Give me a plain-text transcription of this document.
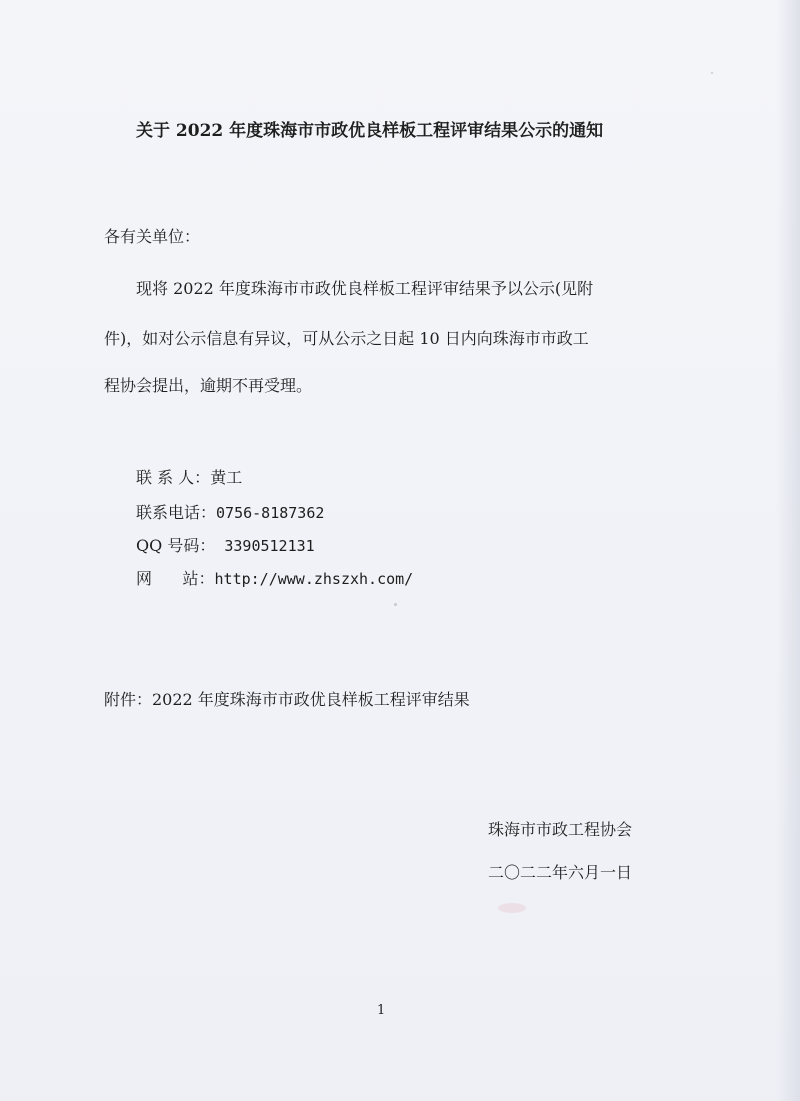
关于 2022 年度珠海市市政优良样板工程评审结果公示的通知
各有关单位：
现将 2022 年度珠海市市政优良样板工程评审结果予以公示(见附
件)，如对公示信息有异议，可从公示之日起 10 日内向珠海市市政工
程协会提出，逾期不再受理。
联 系 人：黄工
联系电话：0756-8187362
QQ 号码： 3390512131
网      站：http://www.zhszxh.com/
附件：2022 年度珠海市市政优良样板工程评审结果
珠海市市政工程协会
二〇二二年六月一日
1
